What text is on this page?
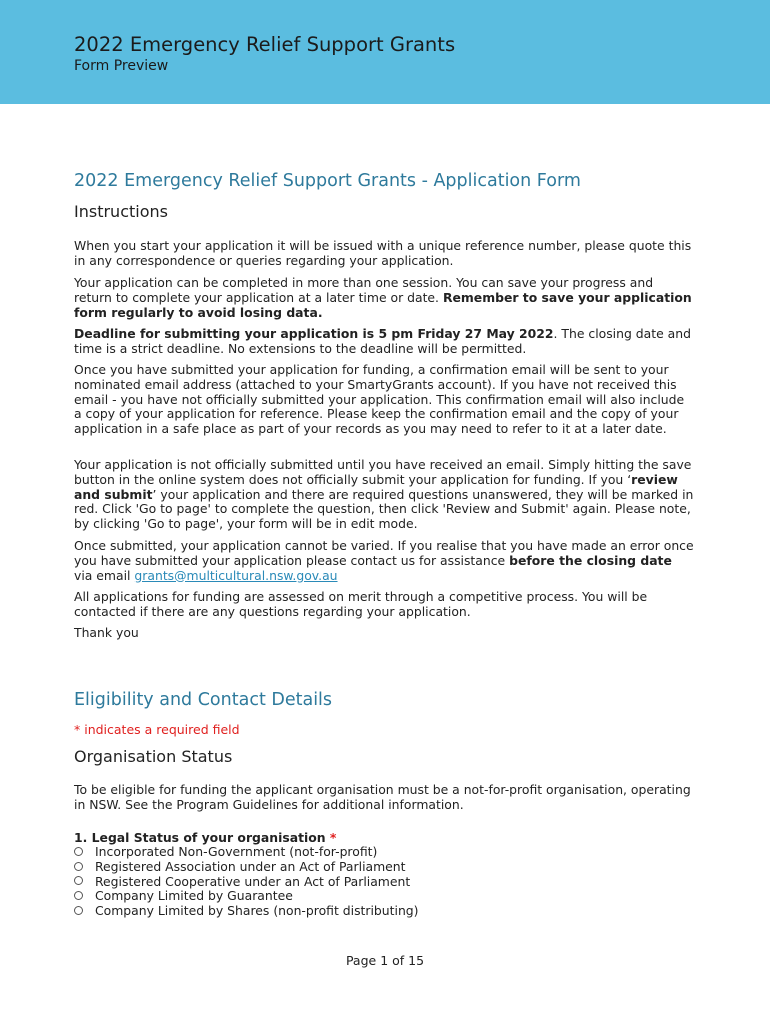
2022 Emergency Relief Support Grants
Form Preview
2022 Emergency Relief Support Grants - Application Form
Instructions

When you start your application it will be issued with a unique reference number, please quote this in any correspondence or queries regarding your application.

Your application can be completed in more than one session. You can save your progress and return to complete your application at a later time or date. Remember to save your application form regularly to avoid losing data.

Deadline for submitting your application is 5 pm Friday 27 May 2022. The closing date and time is a strict deadline. No extensions to the deadline will be permitted.

Once you have submitted your application for funding, a confirmation email will be sent to your nominated email address (attached to your SmartyGrants account). If you have not received this email - you have not officially submitted your application. This confirmation email will also include a copy of your application for reference. Please keep the confirmation email and the copy of your application in a safe place as part of your records as you may need to refer to it at a later date.

Your application is not officially submitted until you have received an email. Simply hitting the save button in the online system does not officially submit your application for funding. If you ‘review and submit’ your application and there are required questions unanswered, they will be marked in red. Click 'Go to page' to complete the question, then click 'Review and Submit' again. Please note, by clicking 'Go to page', your form will be in edit mode.

Once submitted, your application cannot be varied. If you realise that you have made an error once you have submitted your application please contact us for assistance before the closing date via email grants@multicultural.nsw.gov.au

All applications for funding are assessed on merit through a competitive process. You will be contacted if there are any questions regarding your application.

Thank you

Eligibility and Contact Details
* indicates a required field
Organisation Status

To be eligible for funding the applicant organisation must be a not-for-profit organisation, operating in NSW. See the Program Guidelines for additional information.

1. Legal Status of your organisation *
Incorporated Non-Government (not-for-profit)
Registered Association under an Act of Parliament
Registered Cooperative under an Act of Parliament
Company Limited by Guarantee
Company Limited by Shares (non-profit distributing)
Page 1 of 15
